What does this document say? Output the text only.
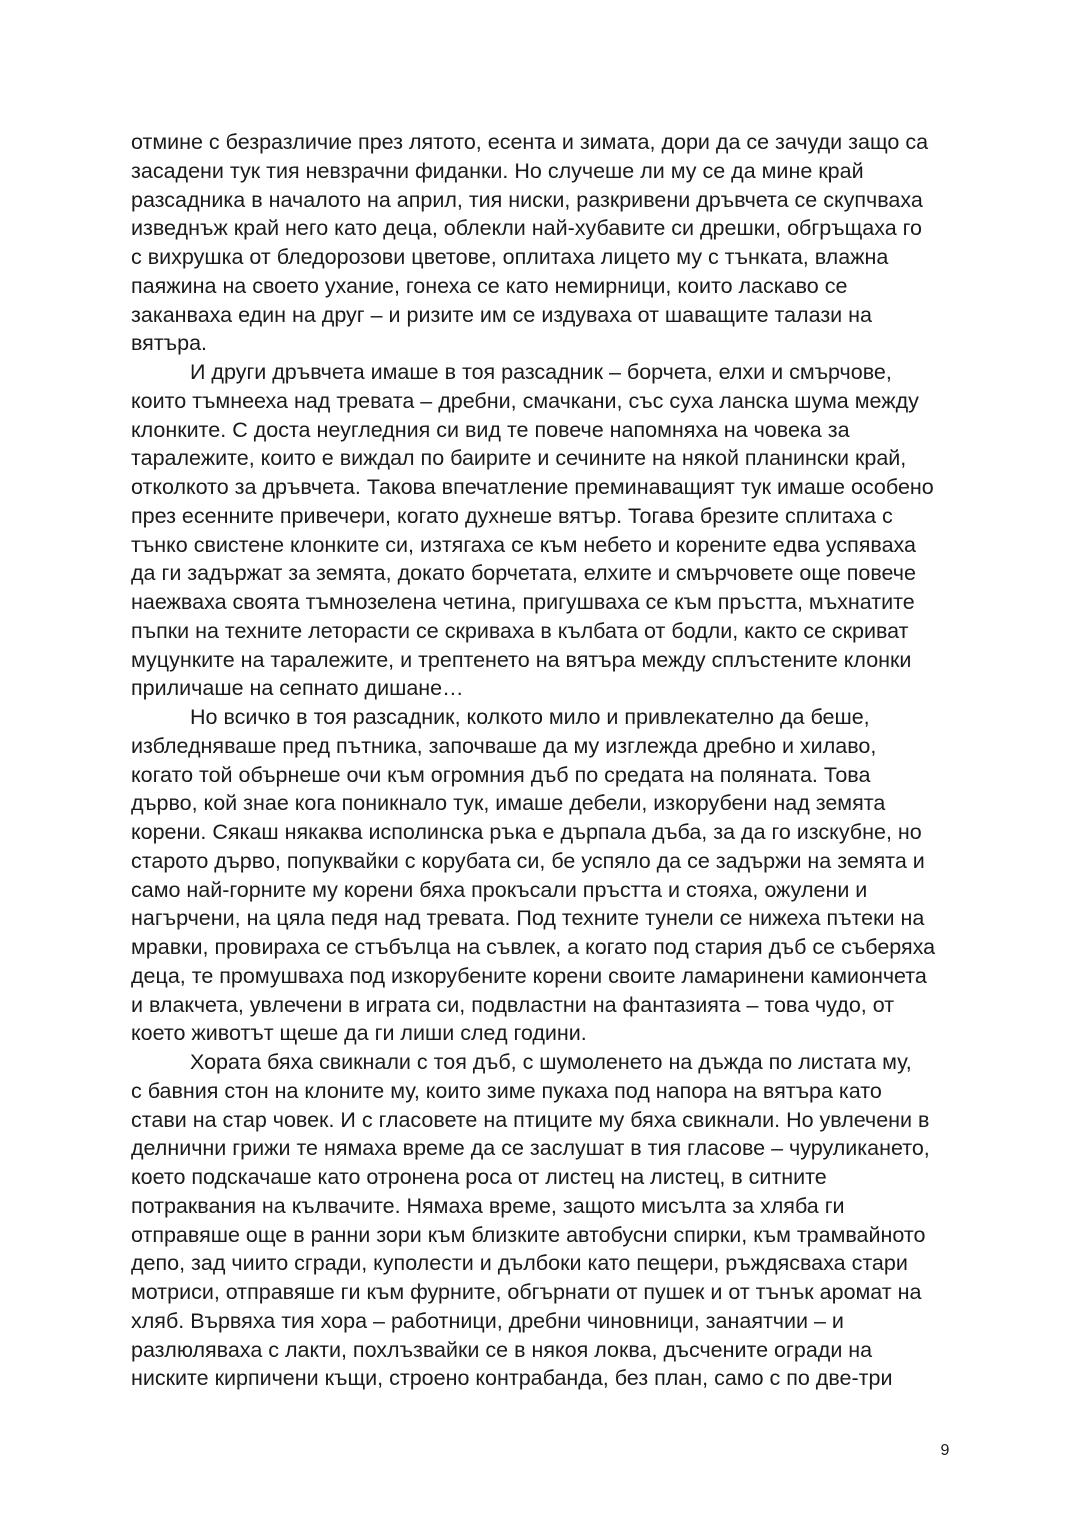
отмине с безразличие през лятото, есента и зимата, дори да се зачуди защо са
засадени тук тия невзрачни фиданки. Но случеше ли му се да мине край
разсадника в началото на април, тия ниски, разкривени дръвчета се скупчваха
изведнъж край него като деца, облекли най-хубавите си дрешки, обгръщаха го
с вихрушка от бледорозови цветове, оплитаха лицето му с тънката, влажна
паяжина на своето ухание, гонеха се като немирници, които ласкаво се
заканваха един на друг – и ризите им се издуваха от шаващите талази на
вятъра.
И други дръвчета имаше в тоя разсадник – борчета, елхи и смърчове,
които тъмнееха над тревата – дребни, смачкани, със суха ланска шума между
клонките. С доста неугледния си вид те повече напомняха на човека за
таралежите, които е виждал по баирите и сечините на някой планински край,
отколкото за дръвчета. Такова впечатление преминаващият тук имаше особено
през есенните привечери, когато духнеше вятър. Тогава брезите сплитаха с
тънко свистене клонките си, изтягаха се към небето и корените едва успяваха
да ги задържат за земята, докато борчетата, елхите и смърчовете още повече
наежваха своята тъмнозелена четина, пригушваха се към пръстта, мъхнатите
пъпки на техните леторасти се скриваха в кълбата от бодли, както се скриват
муцунките на таралежите, и трептенето на вятъра между сплъстените клонки
приличаше на сепнато дишане…
Но всичко в тоя разсадник, колкото мило и привлекателно да беше,
избледняваше пред пътника, започваше да му изглежда дребно и хилаво,
когато той обърнеше очи към огромния дъб по средата на поляната. Това
дърво, кой знае кога поникнало тук, имаше дебели, изкорубени над земята
корени. Сякаш някаква исполинска ръка е дърпала дъба, за да го изскубне, но
старото дърво, попуквайки с корубата си, бе успяло да се задържи на земята и
само най-горните му корени бяха прокъсали пръстта и стояха, ожулени и
нагърчени, на цяла педя над тревата. Под техните тунели се нижеха пътеки на
мравки, провираха се стъбълца на съвлек, а когато под стария дъб се съберяха
деца, те промушваха под изкорубените корени своите ламаринени камиончета
и влакчета, увлечени в играта си, подвластни на фантазията – това чудо, от
което животът щеше да ги лиши след години.
Хората бяха свикнали с тоя дъб, с шумоленето на дъжда по листата му,
с бавния стон на клоните му, които зиме пукаха под напора на вятъра като
стави на стар човек. И с гласовете на птиците му бяха свикнали. Но увлечени в
делнични грижи те нямаха време да се заслушат в тия гласове – чуруликането,
което подскачаше като отронена роса от листец на листец, в ситните
потраквания на кълвачите. Нямаха време, защото мисълта за хляба ги
отправяше още в ранни зори към близките автобусни спирки, към трамвайното
депо, зад чиито сгради, куполести и дълбоки като пещери, ръждясваха стари
мотриси, отправяше ги към фурните, обгърнати от пушек и от тънък аромат на
хляб. Вървяха тия хора – работници, дребни чиновници, занаятчии – и
разлюляваха с лакти, похлъзвайки се в някоя локва, дъсчените огради на
ниските кирпичени къщи, строено контрабанда, без план, само с по две-три
9
